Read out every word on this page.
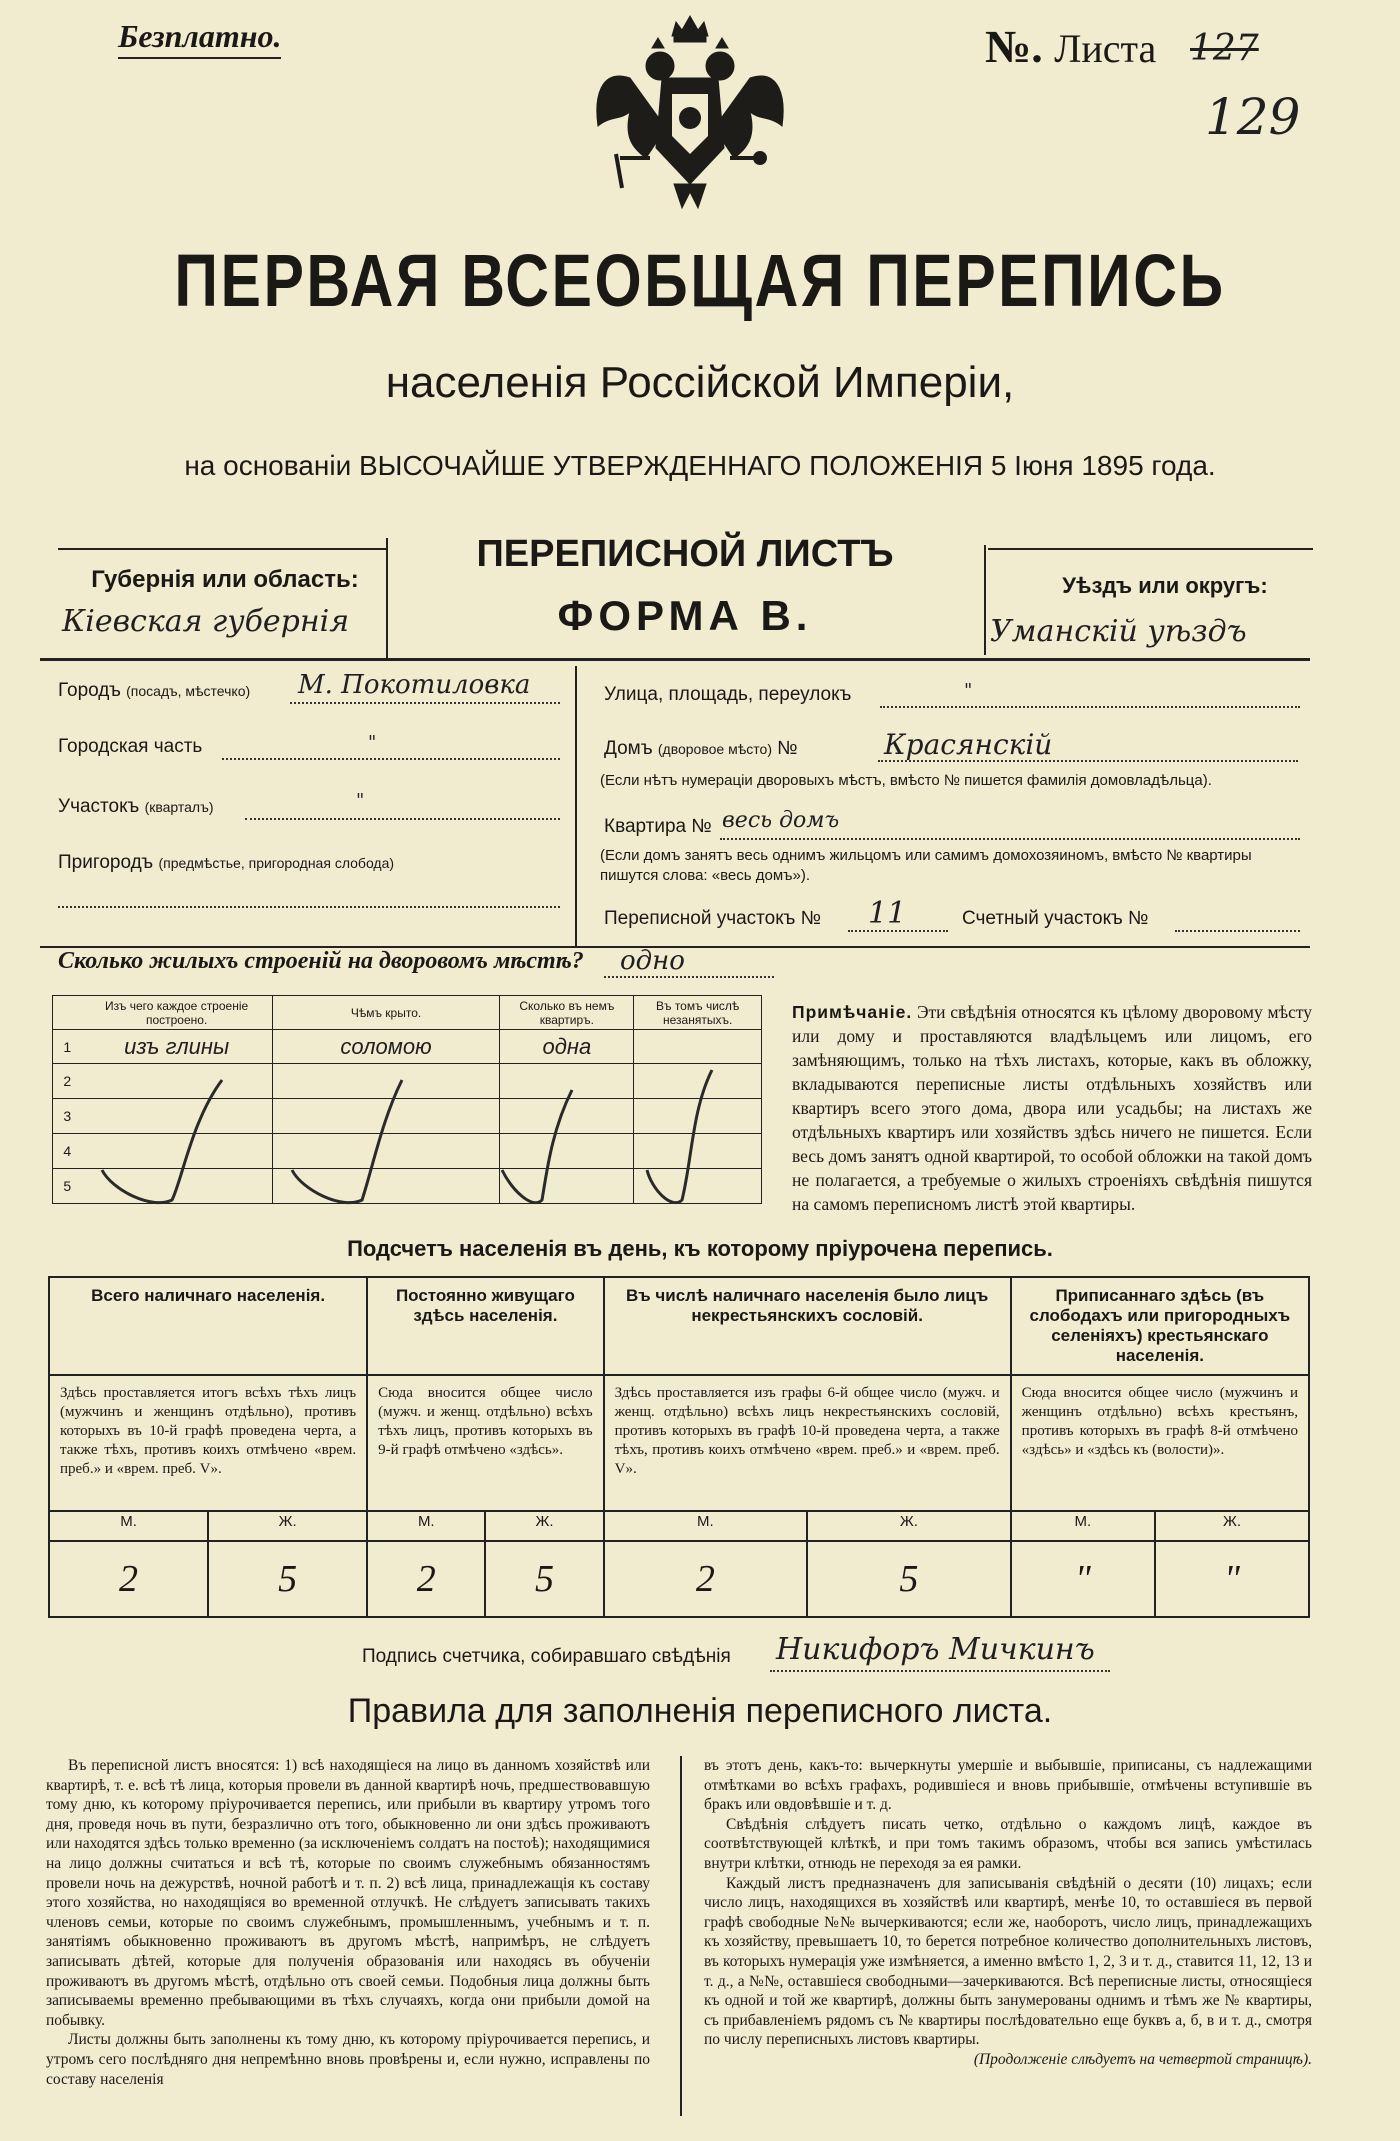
Безплатно.	№. Листа 127
129
ПЕРВАЯ ВСЕОБЩАЯ ПЕРЕПИСЬ
населенія Россійской Имперіи,
на основаніи ВЫСОЧАЙШЕ УТВЕРЖДЕННАГО ПОЛОЖЕНІЯ 5 Іюня 1895 года.
Губернія или область:
Кіевская губернія
ПЕРЕПИСНОЙ ЛИСТЪ
ФОРМА В.
Уѣздъ или округъ:
Уманскій уѣздъ
Городъ (посадъ, мѣстечко) М. Покотиловка
Городская часть	"
Участокъ (кварталъ)	"
Пригородъ (предмѣстье, пригородная слобода)
Улица, площадь, переулокъ	"
Домъ (дворовое мѣсто) №	Красянскій
(Если нѣтъ нумераціи дворовыхъ мѣстъ, вмѣсто № пишется фамилія домовладѣльца).
Квартира № весь домъ
(Если домъ занятъ весь однимъ жильцомъ или самимъ домохозяиномъ, вмѣсто № квартиры пишутся слова: «весь домъ»).
Переписной участокъ № 11	Счетный участокъ №
Сколько жилыхъ строеній на дворовомъ мѣстѣ? одно
	Изъ чего каждое строеніе построено.	Чѣмъ крыто.	Сколько въ немъ квартиръ.	Въ томъ числѣ незанятыхъ.
1	изъ глины	соломою	одна	
2				
3				
4				
5				
Примѣчаніе. Эти свѣдѣнія относятся къ цѣлому дворовому мѣсту или дому и проставляются владѣльцемъ или лицомъ, его замѣняющимъ, только на тѣхъ листахъ, которые, какъ въ обложку, вкладываются переписные листы отдѣльныхъ хозяйствъ или квартиръ всего этого дома, двора или усадьбы; на листахъ же отдѣльныхъ квартиръ или хозяйствъ здѣсь ничего не пишется. Если весь домъ занятъ одной квартирой, то особой обложки на такой домъ не полагается, а требуемые о жилыхъ строеніяхъ свѣдѣнія пишутся на самомъ переписномъ листѣ этой квартиры.
Подсчетъ населенія въ день, къ которому пріурочена перепись.
Всего наличнаго населенія.		Постоянно живущаго здѣсь населенія.		Въ числѣ наличнаго населенія было лицъ некрестьянскихъ сословій.		Приписаннаго здѣсь (въ слободахъ или пригородныхъ селеніяхъ) крестьянскаго населенія.	
Здѣсь проставляется итогъ всѣхъ тѣхъ лицъ (мужчинъ и женщинъ отдѣльно), противъ которыхъ въ 10-й графѣ проведена черта, а также тѣхъ, противъ коихъ отмѣчено «врем. преб.» и «врем. преб. V».		Сюда вносится общее число (мужч. и женщ. отдѣльно) всѣхъ тѣхъ лицъ, противъ которыхъ въ 9-й графѣ отмѣчено «здѣсь».		Здѣсь проставляется изъ графы 6-й общее число (мужч. и женщ. отдѣльно) всѣхъ лицъ некрестьянскихъ сословій, противъ которыхъ въ графѣ 10-й проведена черта, а также тѣхъ, противъ коихъ отмѣчено «врем. преб.» и «врем. преб. V».		Сюда вносится общее число (мужчинъ и женщинъ отдѣльно) всѣхъ крестьянъ, противъ которыхъ въ графѣ 8-й отмѣчено «здѣсь» и «здѣсь къ (волости)».	
М.	Ж.	М.	Ж.	М.	Ж.	М.	Ж.
2	5	2	5	2	5	"	"
Подпись счетчика, собиравшаго свѣдѣнія Никифоръ Мичкинъ
Правила для заполненія переписного листа.
Въ переписной листъ вносятся: 1) всѣ находящіеся на лицо въ данномъ хозяйствѣ или квартирѣ, т. е. всѣ тѣ лица, которыя провели въ данной квартирѣ ночь, предшествовавшую тому дню, къ которому пріурочивается перепись, или прибыли въ квартиру утромъ того дня, проведя ночь въ пути, безразлично отъ того, обыкновенно ли они здѣсь проживаютъ или находятся здѣсь только временно (за исключеніемъ солдатъ на постоѣ); находящимися на лицо должны считаться и всѣ тѣ, которые по своимъ служебнымъ обязанностямъ провели ночь на дежурствѣ, ночной работѣ и т. п. 2) всѣ лица, принадлежащія къ составу этого хозяйства, но находящіяся во временной отлучкѣ. Не слѣдуетъ записывать такихъ членовъ семьи, которые по своимъ служебнымъ, промышленнымъ, учебнымъ и т. п. занятіямъ обыкновенно проживаютъ въ другомъ мѣстѣ, напримѣръ, не слѣдуетъ записывать дѣтей, которые для полученія образованія или находясь въ обученіи проживаютъ въ другомъ мѣстѣ, отдѣльно отъ своей семьи. Подобныя лица должны быть записываемы временно пребывающими въ тѣхъ случаяхъ, когда они прибыли домой на побывку.
Листы должны быть заполнены къ тому дню, къ которому пріурочивается перепись, и утромъ сего послѣдняго дня непремѣнно вновь провѣрены и, если нужно, исправлены по составу населенія
въ этотъ день, какъ-то: вычеркнуты умершіе и выбывшіе, приписаны, съ надлежащими отмѣтками во всѣхъ графахъ, родившіеся и вновь прибывшіе, отмѣчены вступившіе въ бракъ или овдовѣвшіе и т. д.
Свѣдѣнія слѣдуетъ писать четко, отдѣльно о каждомъ лицѣ, каждое въ соотвѣтствующей клѣткѣ, и при томъ такимъ образомъ, чтобы вся запись умѣстилась внутри клѣтки, отнюдь не переходя за ея рамки.
Каждый листъ предназначенъ для записыванія свѣдѣній о десяти (10) лицахъ; если число лицъ, находящихся въ хозяйствѣ или квартирѣ, менѣе 10, то оставшіеся въ первой графѣ свободные №№ вычеркиваются; если же, наоборотъ, число лицъ, принадлежащихъ къ хозяйству, превышаетъ 10, то берется потребное количество дополнительныхъ листовъ, въ которыхъ нумерація уже измѣняется, а именно вмѣсто 1, 2, 3 и т. д., ставится 11, 12, 13 и т. д., а №№, оставшіеся свободными—зачеркиваются. Всѣ переписные листы, относящіеся къ одной и той же квартирѣ, должны быть занумерованы однимъ и тѣмъ же № квартиры, съ прибавленіемъ рядомъ съ № квартиры послѣдовательно еще буквъ а, б, в и т. д., смотря по числу переписныхъ листовъ квартиры.
(Продолженіе слѣдуетъ на четвертой страницѣ).
